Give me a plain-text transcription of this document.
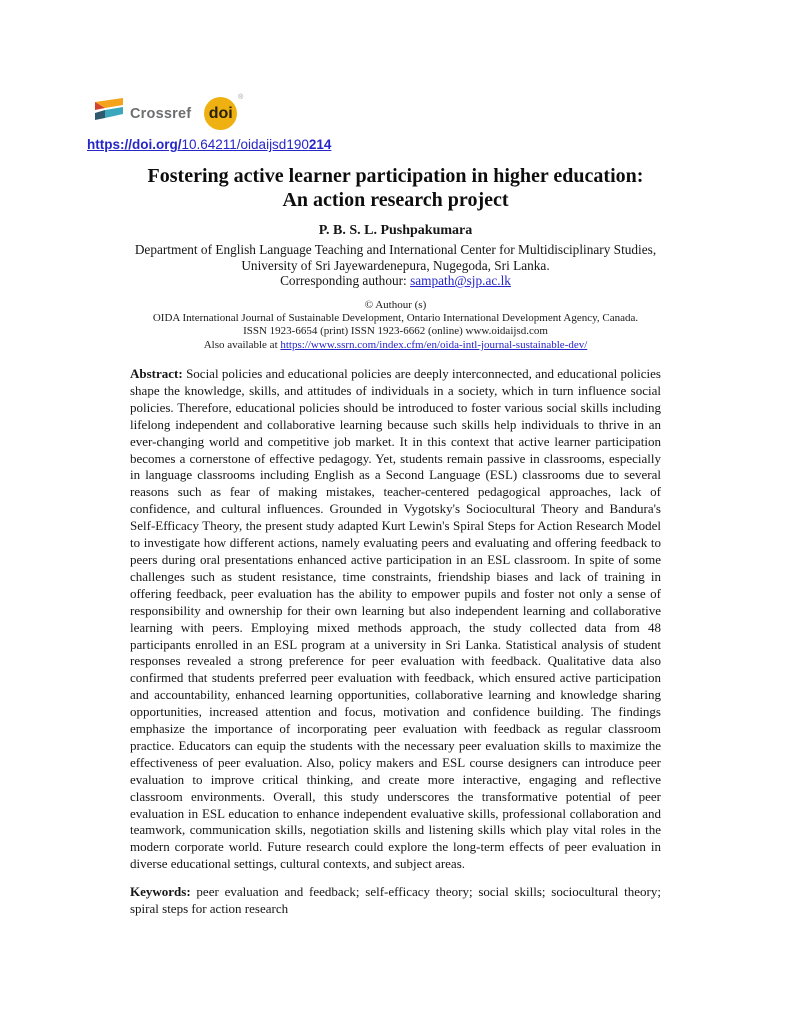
Crossref doi
®
https://doi.org/10.64211/oidaijsd190214
Fostering active learner participation in higher education:
An action research project
P. B. S. L. Pushpakumara
Department of English Language Teaching and International Center for Multidisciplinary Studies,
University of Sri Jayewardenepura, Nugegoda, Sri Lanka.
Corresponding authour: sampath@sjp.ac.lk
© Authour (s)
OIDA International Journal of Sustainable Development, Ontario International Development Agency, Canada.
ISSN 1923-6654 (print) ISSN 1923-6662 (online) www.oidaijsd.com
Also available at https://www.ssrn.com/index.cfm/en/oida-intl-journal-sustainable-dev/

Abstract: Social policies and educational policies are deeply interconnected, and educational policies shape the knowledge, skills, and attitudes of individuals in a society, which in turn influence social policies. Therefore, educational policies should be introduced to foster various social skills including lifelong independent and collaborative learning because such skills help individuals to thrive in an ever-changing world and competitive job market. It in this context that active learner participation becomes a cornerstone of effective pedagogy. Yet, students remain passive in classrooms, especially in language classrooms including English as a Second Language (ESL) classrooms due to several reasons such as fear of making mistakes, teacher-centered pedagogical approaches, lack of confidence, and cultural influences. Grounded in Vygotsky's Sociocultural Theory and Bandura's Self-Efficacy Theory, the present study adapted Kurt Lewin's Spiral Steps for Action Research Model to investigate how different actions, namely evaluating peers and evaluating and offering feedback to peers during oral presentations enhanced active participation in an ESL classroom. In spite of some challenges such as student resistance, time constraints, friendship biases and lack of training in offering feedback, peer evaluation has the ability to empower pupils and foster not only a sense of responsibility and ownership for their own learning but also independent learning and collaborative learning with peers. Employing mixed methods approach, the study collected data from 48 participants enrolled in an ESL program at a university in Sri Lanka. Statistical analysis of student responses revealed a strong preference for peer evaluation with feedback. Qualitative data also confirmed that students preferred peer evaluation with feedback, which ensured active participation and accountability, enhanced learning opportunities, collaborative learning and knowledge sharing opportunities, increased attention and focus, motivation and confidence building. The findings emphasize the importance of incorporating peer evaluation with feedback as regular classroom practice. Educators can equip the students with the necessary peer evaluation skills to maximize the effectiveness of peer evaluation. Also, policy makers and ESL course designers can introduce peer evaluation to improve critical thinking, and create more interactive, engaging and reflective classroom environments. Overall, this study underscores the transformative potential of peer evaluation in ESL education to enhance independent evaluative skills, professional collaboration and teamwork, communication skills, negotiation skills and listening skills which play vital roles in the modern corporate world. Future research could explore the long-term effects of peer evaluation in diverse educational settings, cultural contexts, and subject areas.

Keywords: peer evaluation and feedback; self-efficacy theory; social skills; sociocultural theory; spiral steps for action research
